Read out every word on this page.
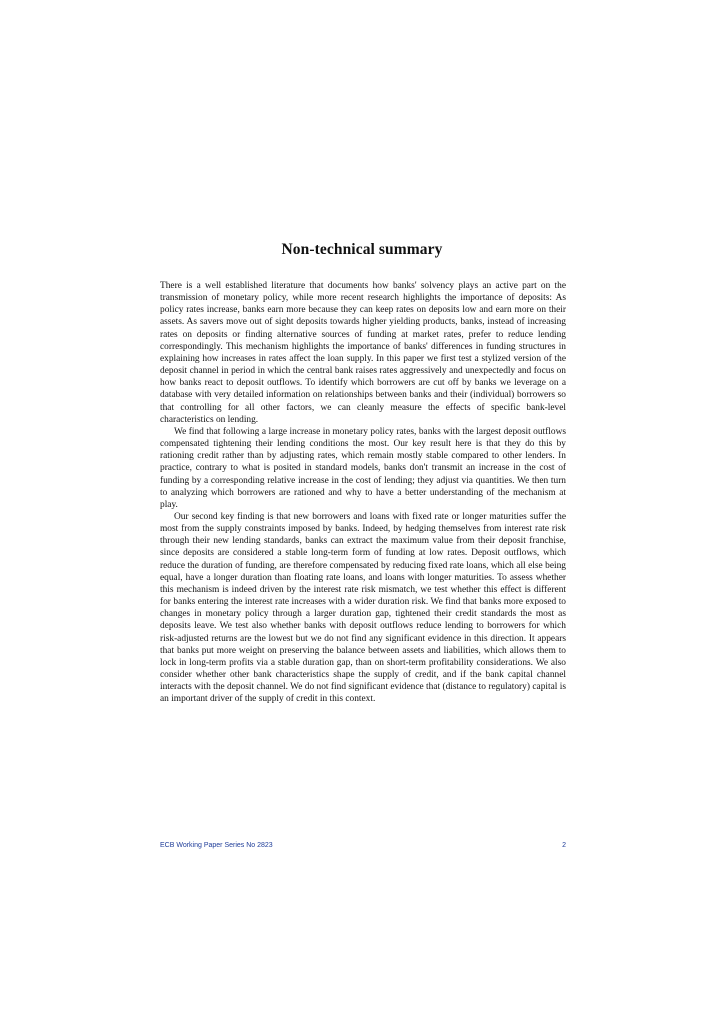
Non-technical summary

There is a well established literature that documents how banks' solvency plays an active part on the transmission of monetary policy, while more recent research highlights the importance of deposits: As policy rates increase, banks earn more because they can keep rates on deposits low and earn more on their assets. As savers move out of sight deposits towards higher yielding products, banks, instead of increasing rates on deposits or finding alternative sources of funding at market rates, prefer to reduce lending correspondingly. This mechanism highlights the importance of banks' differences in funding structures in explaining how increases in rates affect the loan supply. In this paper we first test a stylized version of the deposit channel in period in which the central bank raises rates aggressively and unexpectedly and focus on how banks react to deposit outflows. To identify which borrowers are cut off by banks we leverage on a database with very detailed information on relationships between banks and their (individual) borrowers so that controlling for all other factors, we can cleanly measure the effects of specific bank-level characteristics on lending.

We find that following a large increase in monetary policy rates, banks with the largest deposit outflows compensated tightening their lending conditions the most. Our key result here is that they do this by rationing credit rather than by adjusting rates, which remain mostly stable compared to other lenders. In practice, contrary to what is posited in standard models, banks don't transmit an increase in the cost of funding by a corresponding relative increase in the cost of lending; they adjust via quantities. We then turn to analyzing which borrowers are rationed and why to have a better understanding of the mechanism at play.

Our second key finding is that new borrowers and loans with fixed rate or longer maturities suffer the most from the supply constraints imposed by banks. Indeed, by hedging themselves from interest rate risk through their new lending standards, banks can extract the maximum value from their deposit franchise, since deposits are considered a stable long-term form of funding at low rates. Deposit outflows, which reduce the duration of funding, are therefore compensated by reducing fixed rate loans, which all else being equal, have a longer duration than floating rate loans, and loans with longer maturities. To assess whether this mechanism is indeed driven by the interest rate risk mismatch, we test whether this effect is different for banks entering the interest rate increases with a wider duration risk. We find that banks more exposed to changes in monetary policy through a larger duration gap, tightened their credit standards the most as deposits leave. We test also whether banks with deposit outflows reduce lending to borrowers for which risk-adjusted returns are the lowest but we do not find any significant evidence in this direction. It appears that banks put more weight on preserving the balance between assets and liabilities, which allows them to lock in long-term profits via a stable duration gap, than on short-term profitability considerations. We also consider whether other bank characteristics shape the supply of credit, and if the bank capital channel interacts with the deposit channel. We do not find significant evidence that (distance to regulatory) capital is an important driver of the supply of credit in this context.

ECB Working Paper Series No 2823	2
